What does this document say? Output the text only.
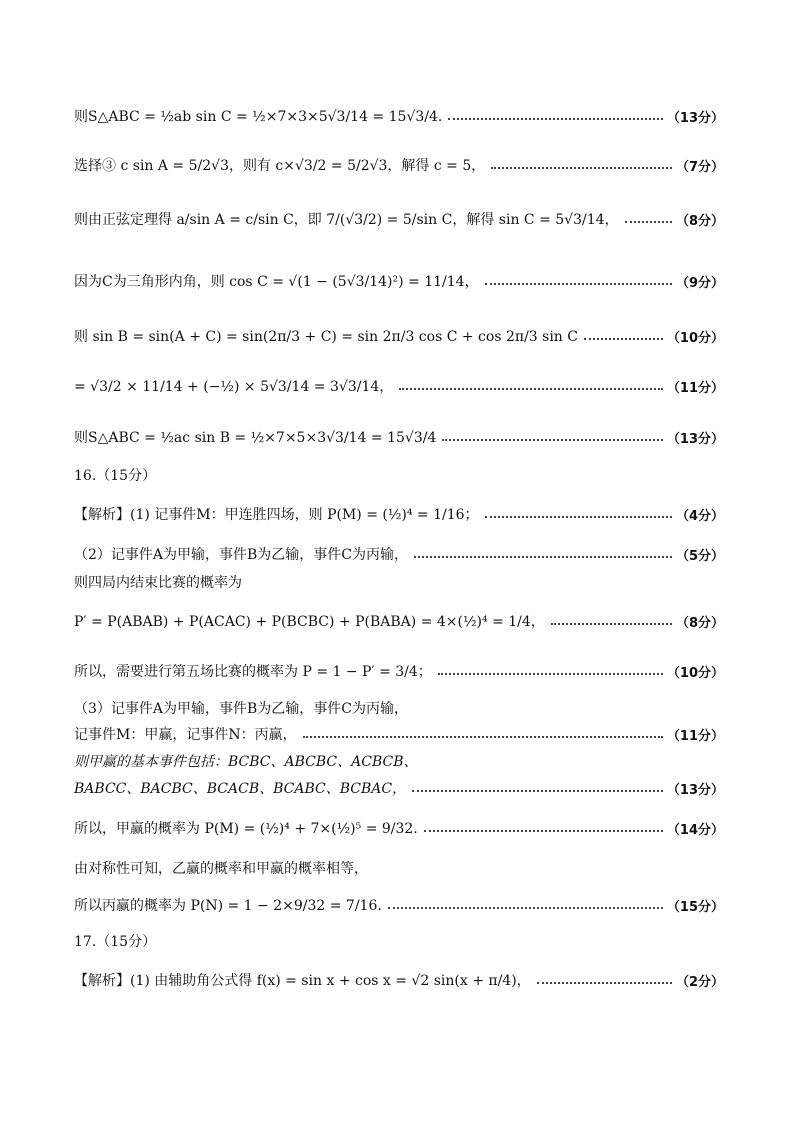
则S△ABC = ½ab sin C = ½×7×3×5√3/14 = 15√3/4.	（13分）
选择③ c sin A = 5/2√3，则有 c×√3/2 = 5/2√3，解得 c = 5，	（7分）
则由正弦定理得 a/sin A = c/sin C，即 7/(√3/2) = 5/sin C，解得 sin C = 5√3/14，	（8分）
因为C为三角形内角，则 cos C = √(1 − (5√3/14)²) = 11/14，	（9分）
则 sin B = sin(A + C) = sin(2π/3 + C) = sin 2π/3 cos C + cos 2π/3 sin C	（10分）
= √3/2 × 11/14 + (−½) × 5√3/14 = 3√3/14，	（11分）
则S△ABC = ½ac sin B = ½×7×5×3√3/14 = 15√3/4	（13分）
16.（15分）
【解析】(1) 记事件M：甲连胜四场，则 P(M) = (½)⁴ = 1/16；	（4分）
（2）记事件A为甲输，事件B为乙输，事件C为丙输，	（5分）
则四局内结束比赛的概率为
P′ = P(ABAB) + P(ACAC) + P(BCBC) + P(BABA) = 4×(½)⁴ = 1/4，	（8分）
所以，需要进行第五场比赛的概率为 P = 1 − P′ = 3/4；	（10分）
（3）记事件A为甲输，事件B为乙输，事件C为丙输，
记事件M：甲赢，记事件N：丙赢，	（11分）
则甲赢的基本事件包括：BCBC、ABCBC、ACBCB、
BABCC、BACBC、BCACB、BCABC、BCBAC，	（13分）
所以，甲赢的概率为 P(M) = (½)⁴ + 7×(½)⁵ = 9/32.	（14分）
由对称性可知，乙赢的概率和甲赢的概率相等，
所以丙赢的概率为 P(N) = 1 − 2×9/32 = 7/16.	（15分）
17.（15分）
【解析】(1) 由辅助角公式得 f(x) = sin x + cos x = √2 sin(x + π/4)，	（2分）
